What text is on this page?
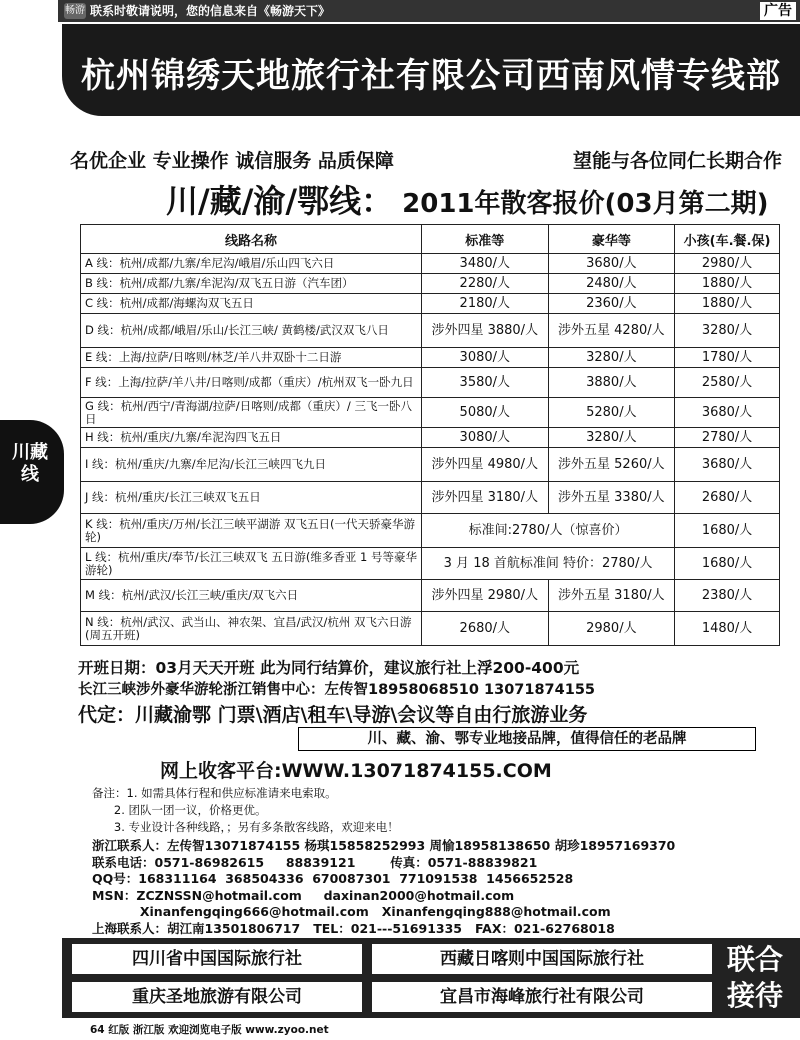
畅游 联系时敬请说明，您的信息来自《畅游天下》	广告
杭州锦绣天地旅行社有限公司西南风情专线部
名优企业 专业操作 诚信服务 品质保障	望能与各位同仁长期合作
川/藏/渝/鄂线： 2011年散客报价(03月第二期)
川藏线
线路名称	标准等	豪华等	小孩(车.餐.保)
A 线：杭州/成都/九寨/牟尼沟/峨眉/乐山四飞六日	3480/人	3680/人	2980/人
B 线：杭州/成都/九寨/牟泥沟/双飞五日游（汽车团）	2280/人	2480/人	1880/人
C 线：杭州/成都/海螺沟双飞五日	2180/人	2360/人	1880/人
D 线：杭州/成都/峨眉/乐山/长江三峡/ 黄鹤楼/武汉双飞八日	涉外四星 3880/人	涉外五星 4280/人	3280/人
E 线：上海/拉萨/日喀则/林芝/羊八井双卧十二日游	3080/人	3280/人	1780/人
F 线：上海/拉萨/羊八井/日喀则/成都（重庆）/杭州双飞一卧九日	3580/人	3880/人	2580/人
G 线：杭州/西宁/青海湖/拉萨/日喀则/成都（重庆）/ 三飞一卧八日	5080/人	5280/人	3680/人
H 线：杭州/重庆/九寨/牟泥沟四飞五日	3080/人	3280/人	2780/人
I 线：杭州/重庆/九寨/牟尼沟/长江三峡四飞九日	涉外四星 4980/人	涉外五星 5260/人	3680/人
J 线：杭州/重庆/长江三峡双飞五日	涉外四星 3180/人	涉外五星 3380/人	2680/人
K 线：杭州/重庆/万州/长江三峡平湖游 双飞五日(一代天骄豪华游轮)	标准间:2780/人（惊喜价）		1680/人
L 线：杭州/重庆/奉节/长江三峡双飞 五日游(维多香亚 1 号等豪华游轮)	3 月 18 首航标准间 特价：2780/人		1680/人
M 线：杭州/武汉/长江三峡/重庆/双飞六日	涉外四星 2980/人	涉外五星 3180/人	2380/人
N 线：杭州/武汉、武当山、神农架、宜昌/武汉/杭州 双飞六日游 (周五开班)	2680/人	2980/人	1480/人
开班日期：03月天天开班 此为同行结算价，建议旅行社上浮200-400元
长江三峡涉外豪华游轮浙江销售中心：左传智18958068510 13071874155
代定：川藏渝鄂 门票\酒店\租车\导游\会议等自由行旅游业务
川、藏、渝、鄂专业地接品牌，值得信任的老品牌
网上收客平台:WWW.13071874155.COM
备注：1. 如需具体行程和供应标准请来电索取。
2. 团队一团一议，价格更优。
3. 专业设计各种线路，；另有多条散客线路，欢迎来电！
浙江联系人：左传智13071874155 杨琪15858252993 周愉18958138650 胡珍18957169370
联系电话：0571-86982615     88839121        传真：0571-88839821
QQ号：168311164  368504336  670087301  771091538  1456652528
MSN：ZCZNSSN@hotmail.com     daxinan2000@hotmail.com
Xinanfengqing666@hotmail.com   Xinanfengqing888@hotmail.com
上海联系人：胡江南13501806717   TEL：021---51691335   FAX：021-62768018
四川省中国国际旅行社	西藏日喀则中国国际旅行社
重庆圣地旅游有限公司	宜昌市海峰旅行社有限公司
联合接待
64 红版 浙江版 欢迎浏览电子版 www.zyoo.net
